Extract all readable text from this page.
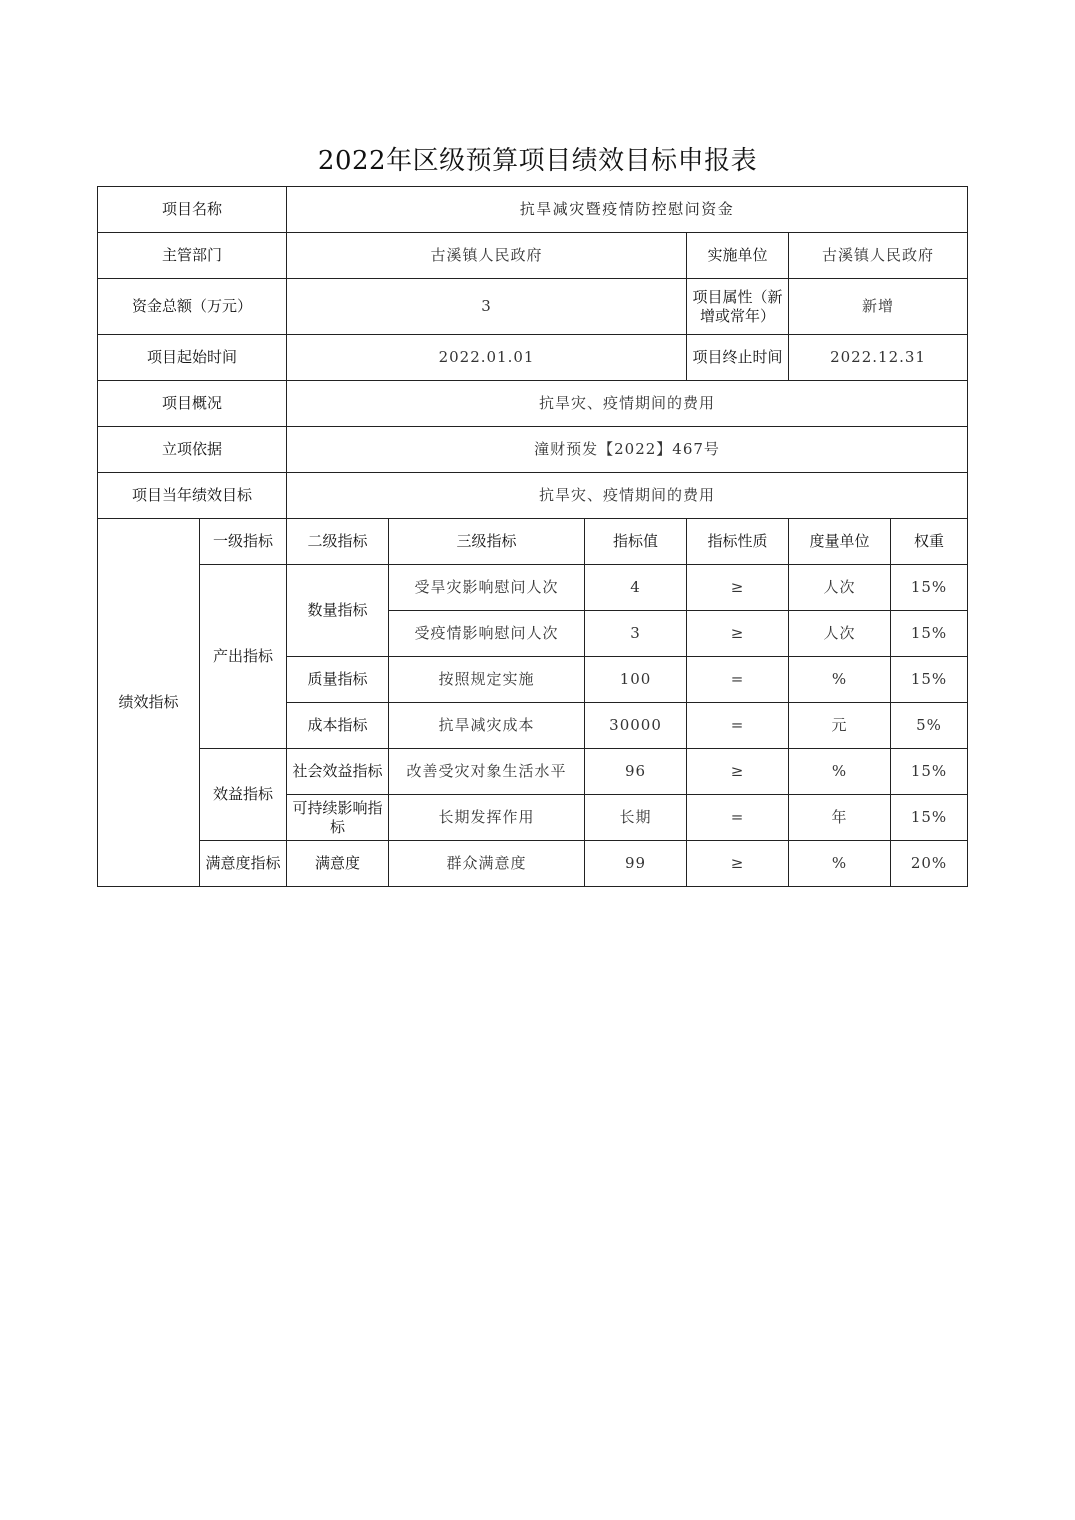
2022年区级预算项目绩效目标申报表
项目名称		抗旱减灾暨疫情防控慰问资金					
主管部门		古溪镇人民政府			实施单位	古溪镇人民政府	
资金总额（万元）		3			项目属性（新增或常年）	新增	
项目起始时间		2022.01.01			项目终止时间	2022.12.31	
项目概况		抗旱灾、疫情期间的费用					
立项依据		潼财预发【2022】467号					
项目当年绩效目标		抗旱灾、疫情期间的费用					
绩效指标	一级指标	二级指标	三级指标	指标值	指标性质	度量单位	权重
	产出指标	数量指标	受旱灾影响慰问人次	4	≥	人次	15%
			受疫情影响慰问人次	3	≥	人次	15%
		质量指标	按照规定实施	100	=	%	15%
		成本指标	抗旱减灾成本	30000	=	元	5%
	效益指标	社会效益指标	改善受灾对象生活水平	96	≥	%	15%
		可持续影响指标	长期发挥作用	长期	=	年	15%
	满意度指标	满意度	群众满意度	99	≥	%	20%
